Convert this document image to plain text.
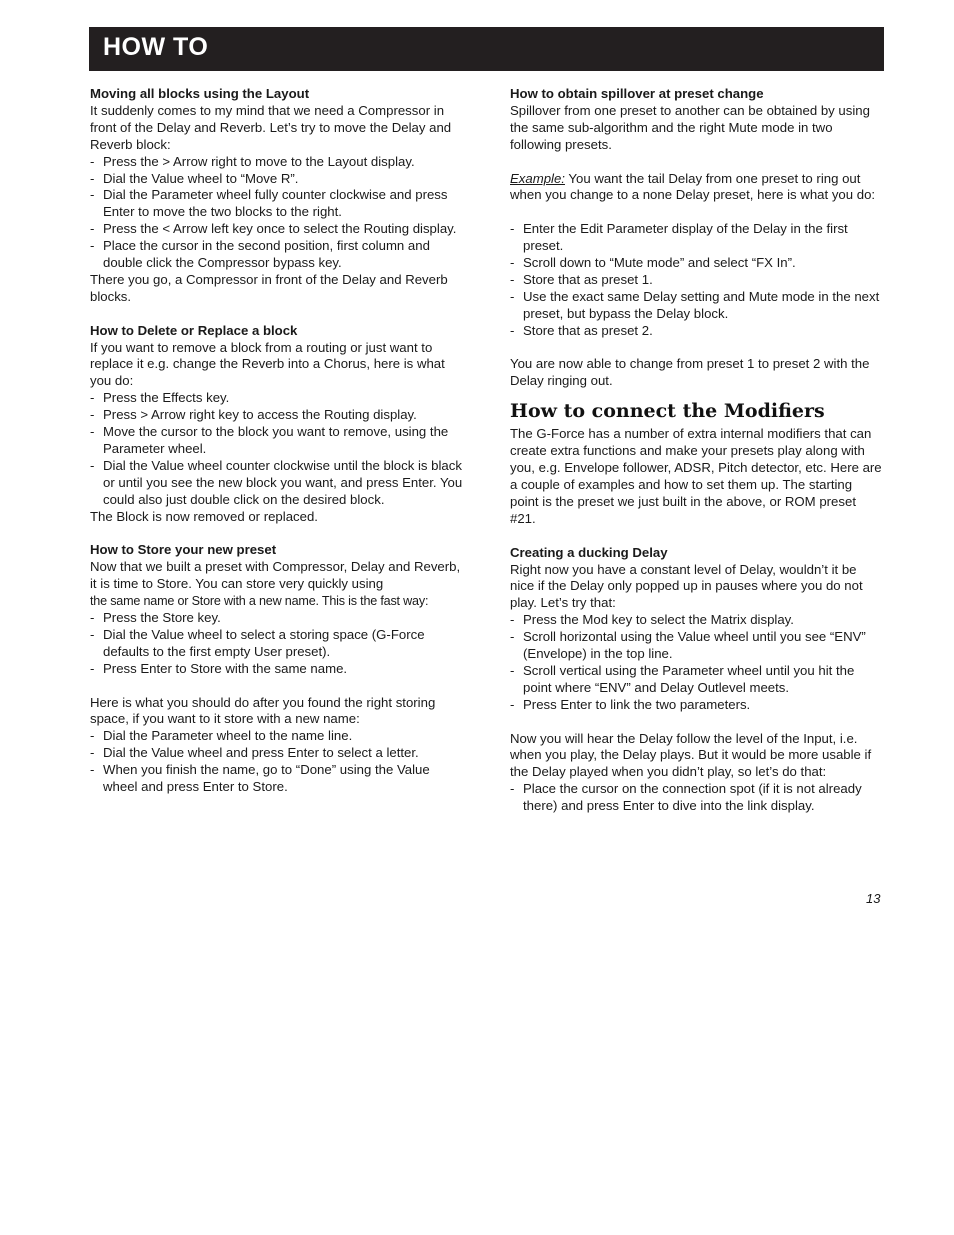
HOW TO
Moving all blocks using the Layout

It suddenly comes to my mind that we need a Compressor in front of the Delay and Reverb. Let’s try to move the Delay and Reverb block:

- Press the > Arrow right to move to the Layout display.
- Dial the Value wheel to “Move R”.
- Dial the Parameter wheel fully counter clockwise and press Enter to move the two blocks to the right.
- Press the < Arrow left key once to select the Routing display.
- Place the cursor in the second position, first column and double click the Compressor bypass key.

There you go, a Compressor in front of the Delay and Reverb blocks.

How to Delete or Replace a block

If you want to remove a block from a routing or just want to replace it e.g. change the Reverb into a Chorus, here is what you do:

- Press the Effects key.
- Press > Arrow right key to access the Routing display.
- Move the cursor to the block you want to remove, using the Parameter wheel.
- Dial the Value wheel counter clockwise until the block is black or until you see the new block you want, and press Enter. You could also just double click on the desired block.

The Block is now removed or replaced.

How to Store your new preset

Now that we built a preset with Compressor, Delay and Reverb, it is time to Store. You can store very quickly using

the same name or Store with a new name. This is the fast way:

- Press the Store key.
- Dial the Value wheel to select a storing space (G-Force defaults to the first empty User preset).
- Press Enter to Store with the same name.

Here is what you should do after you found the right storing space, if you want to it store with a new name:

- Dial the Parameter wheel to the name line.
- Dial the Value wheel and press Enter to select a letter.
- When you finish the name, go to “Done” using the Value wheel and press Enter to Store.
How to obtain spillover at preset change

Spillover from one preset to another can be obtained by using the same sub-algorithm and the right Mute mode in two following presets.

Example: You want the tail Delay from one preset to ring out when you change to a none Delay preset, here is what you do:

- Enter the Edit Parameter display of the Delay in the first preset.
- Scroll down to “Mute mode” and select “FX In”.
- Store that as preset 1.
- Use the exact same Delay setting and Mute mode in the next preset, but bypass the Delay block.
- Store that as preset 2.

You are now able to change from preset 1 to preset 2 with the Delay ringing out.

How to connect the Modifiers

The G-Force has a number of extra internal modifiers that can create extra functions and make your presets play along with you, e.g. Envelope follower, ADSR, Pitch detector, etc. Here are a couple of examples and how to set them up. The starting point is the preset we just built in the above, or ROM preset #21.

Creating a ducking Delay

Right now you have a constant level of Delay, wouldn’t it be nice if the Delay only popped up in pauses where you do not play. Let’s try that:

- Press the Mod key to select the Matrix display.
- Scroll horizontal using the Value wheel until you see “ENV” (Envelope) in the top line.
- Scroll vertical using the Parameter wheel until you hit the point where “ENV” and Delay Outlevel meets.
- Press Enter to link the two parameters.

Now you will hear the Delay follow the level of the Input, i.e. when you play, the Delay plays. But it would be more usable if the Delay played when you didn’t play, so let’s do that:

- Place the cursor on the connection spot (if it is not already there) and press Enter to dive into the link display.
13
